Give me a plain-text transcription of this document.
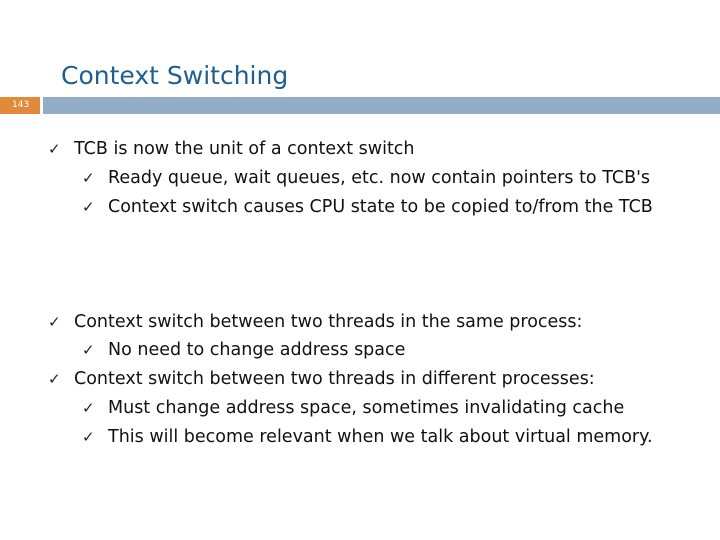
Context Switching
143
✓ TCB is now the unit of a context switch
✓ Ready queue, wait queues, etc. now contain pointers to TCB's
✓ Context switch causes CPU state to be copied to/from the TCB
✓ Context switch between two threads in the same process:
✓ No need to change address space
✓ Context switch between two threads in different processes:
✓ Must change address space, sometimes invalidating cache
✓ This will become relevant when we talk about virtual memory.
